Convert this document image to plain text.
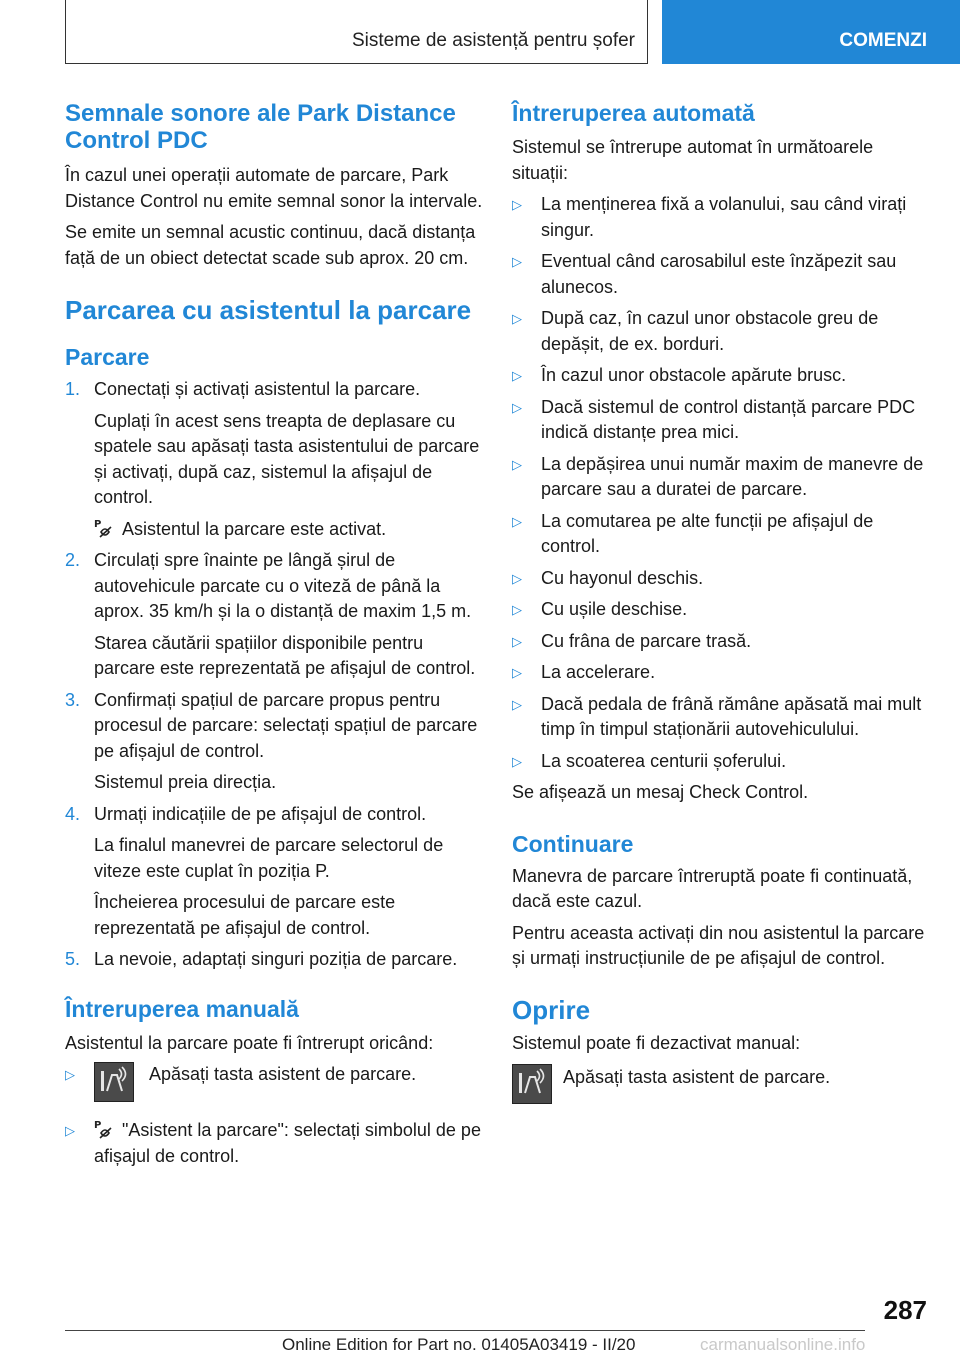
Sisteme de asistență pentru șofer	COMENZI
Semnale sonore ale Park Distance Control PDC

În cazul unei operații automate de parcare, Park Distance Control nu emite semnal sonor la intervale.

Se emite un semnal acustic continuu, dacă distanța față de un obiect detectat scade sub aprox. 20 cm.

Parcarea cu asistentul la parcare
Parcare
1. Conectați și activați asistentul la parcare.
Cuplați în acest sens treapta de deplasare cu spatele sau apăsați tasta asistentului de parcare și activați, după caz, sistemul la afișajul de control.
P Asistentul la parcare este activat.
2. Circulați spre înainte pe lângă șirul de autovehicule parcate cu o viteză de până la aprox. 35 km/h și la o distanță de maxim 1,5 m.
Starea căutării spațiilor disponibile pentru parcare este reprezentată pe afișajul de control.
3. Confirmați spațiul de parcare propus pentru procesul de parcare: selectați spațiul de parcare pe afișajul de control.
Sistemul preia direcția.
4. Urmați indicațiile de pe afișajul de control.
La finalul manevrei de parcare selectorul de viteze este cuplat în poziția P.
Încheierea procesului de parcare este reprezentată pe afișajul de control.
5. La nevoie, adaptați singuri poziția de parcare.
Întreruperea manuală

Asistentul la parcare poate fi întrerupt oricând:

▷	Apăsați tasta asistent de parcare.
▷ P "Asistent la parcare": selectați simbolul de pe afișajul de control.
Întreruperea automată

Sistemul se întrerupe automat în următoarele situații:

▷ La menținerea fixă a volanului, sau când virați singur.
▷ Eventual când carosabilul este înzăpezit sau alunecos.
▷ După caz, în cazul unor obstacole greu de depășit, de ex. borduri.
▷ În cazul unor obstacole apărute brusc.
▷ Dacă sistemul de control distanță parcare PDC indică distanțe prea mici.
▷ La depășirea unui număr maxim de manevre de parcare sau a duratei de parcare.
▷ La comutarea pe alte funcții pe afișajul de control.
▷ Cu hayonul deschis.
▷ Cu ușile deschise.
▷ Cu frâna de parcare trasă.
▷ La accelerare.
▷ Dacă pedala de frână rămâne apăsată mai mult timp în timpul staționării autovehiculului.
▷ La scoaterea centurii șoferului.

Se afișează un mesaj Check Control.

Continuare

Manevra de parcare întreruptă poate fi continuată, dacă este cazul.

Pentru aceasta activați din nou asistentul la parcare și urmați instrucțiunile de pe afișajul de control.

Oprire

Sistemul poate fi dezactivat manual:

Apăsați tasta asistent de parcare.
287
Online Edition for Part no. 01405A03419 - II/20	carmanualsonline.info
